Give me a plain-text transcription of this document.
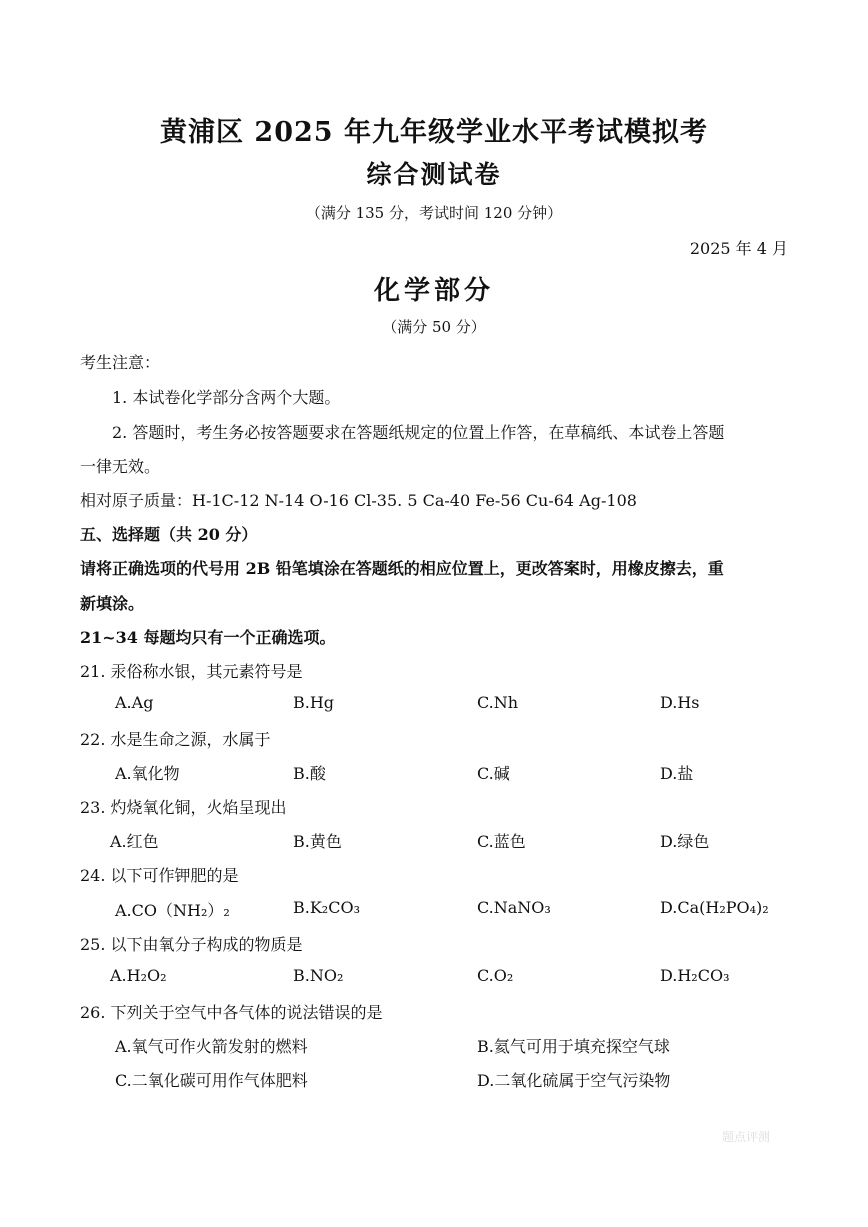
黄浦区 2025 年九年级学业水平考试模拟考
综合测试卷
（满分 135 分，考试时间 120 分钟）
2025 年 4 月
化学部分
（满分 50 分）
考生注意：
1. 本试卷化学部分含两个大题。
2. 答题时，考生务必按答题要求在答题纸规定的位置上作答，在草稿纸、本试卷上答题
一律无效。
相对原子质量：H-1C-12 N-14 O-16 Cl-35. 5 Ca-40 Fe-56 Cu-64 Ag-108
五、选择题（共 20 分）
请将正确选项的代号用 2B 铅笔填涂在答题纸的相应位置上，更改答案时，用橡皮擦去，重
新填涂。
21~34 每题均只有一个正确选项。
21. 汞俗称水银，其元素符号是
A.Ag	B.Hg	C.Nh	D.Hs
22. 水是生命之源，水属于
A.氧化物	B.酸	C.碱	D.盐
23. 灼烧氧化铜，火焰呈现出
A.红色	B.黄色	C.蓝色	D.绿色
24. 以下可作钾肥的是
A.CO（NH₂）₂	B.K₂CO₃	C.NaNO₃	D.Ca(H₂PO₄)₂
25. 以下由氧分子构成的物质是
A.H₂O₂	B.NO₂	C.O₂	D.H₂CO₃
26. 下列关于空气中各气体的说法错误的是
A.氧气可作火箭发射的燃料	B.氦气可用于填充探空气球
C.二氧化碳可用作气体肥料	D.二氧化硫属于空气污染物
题点评测
